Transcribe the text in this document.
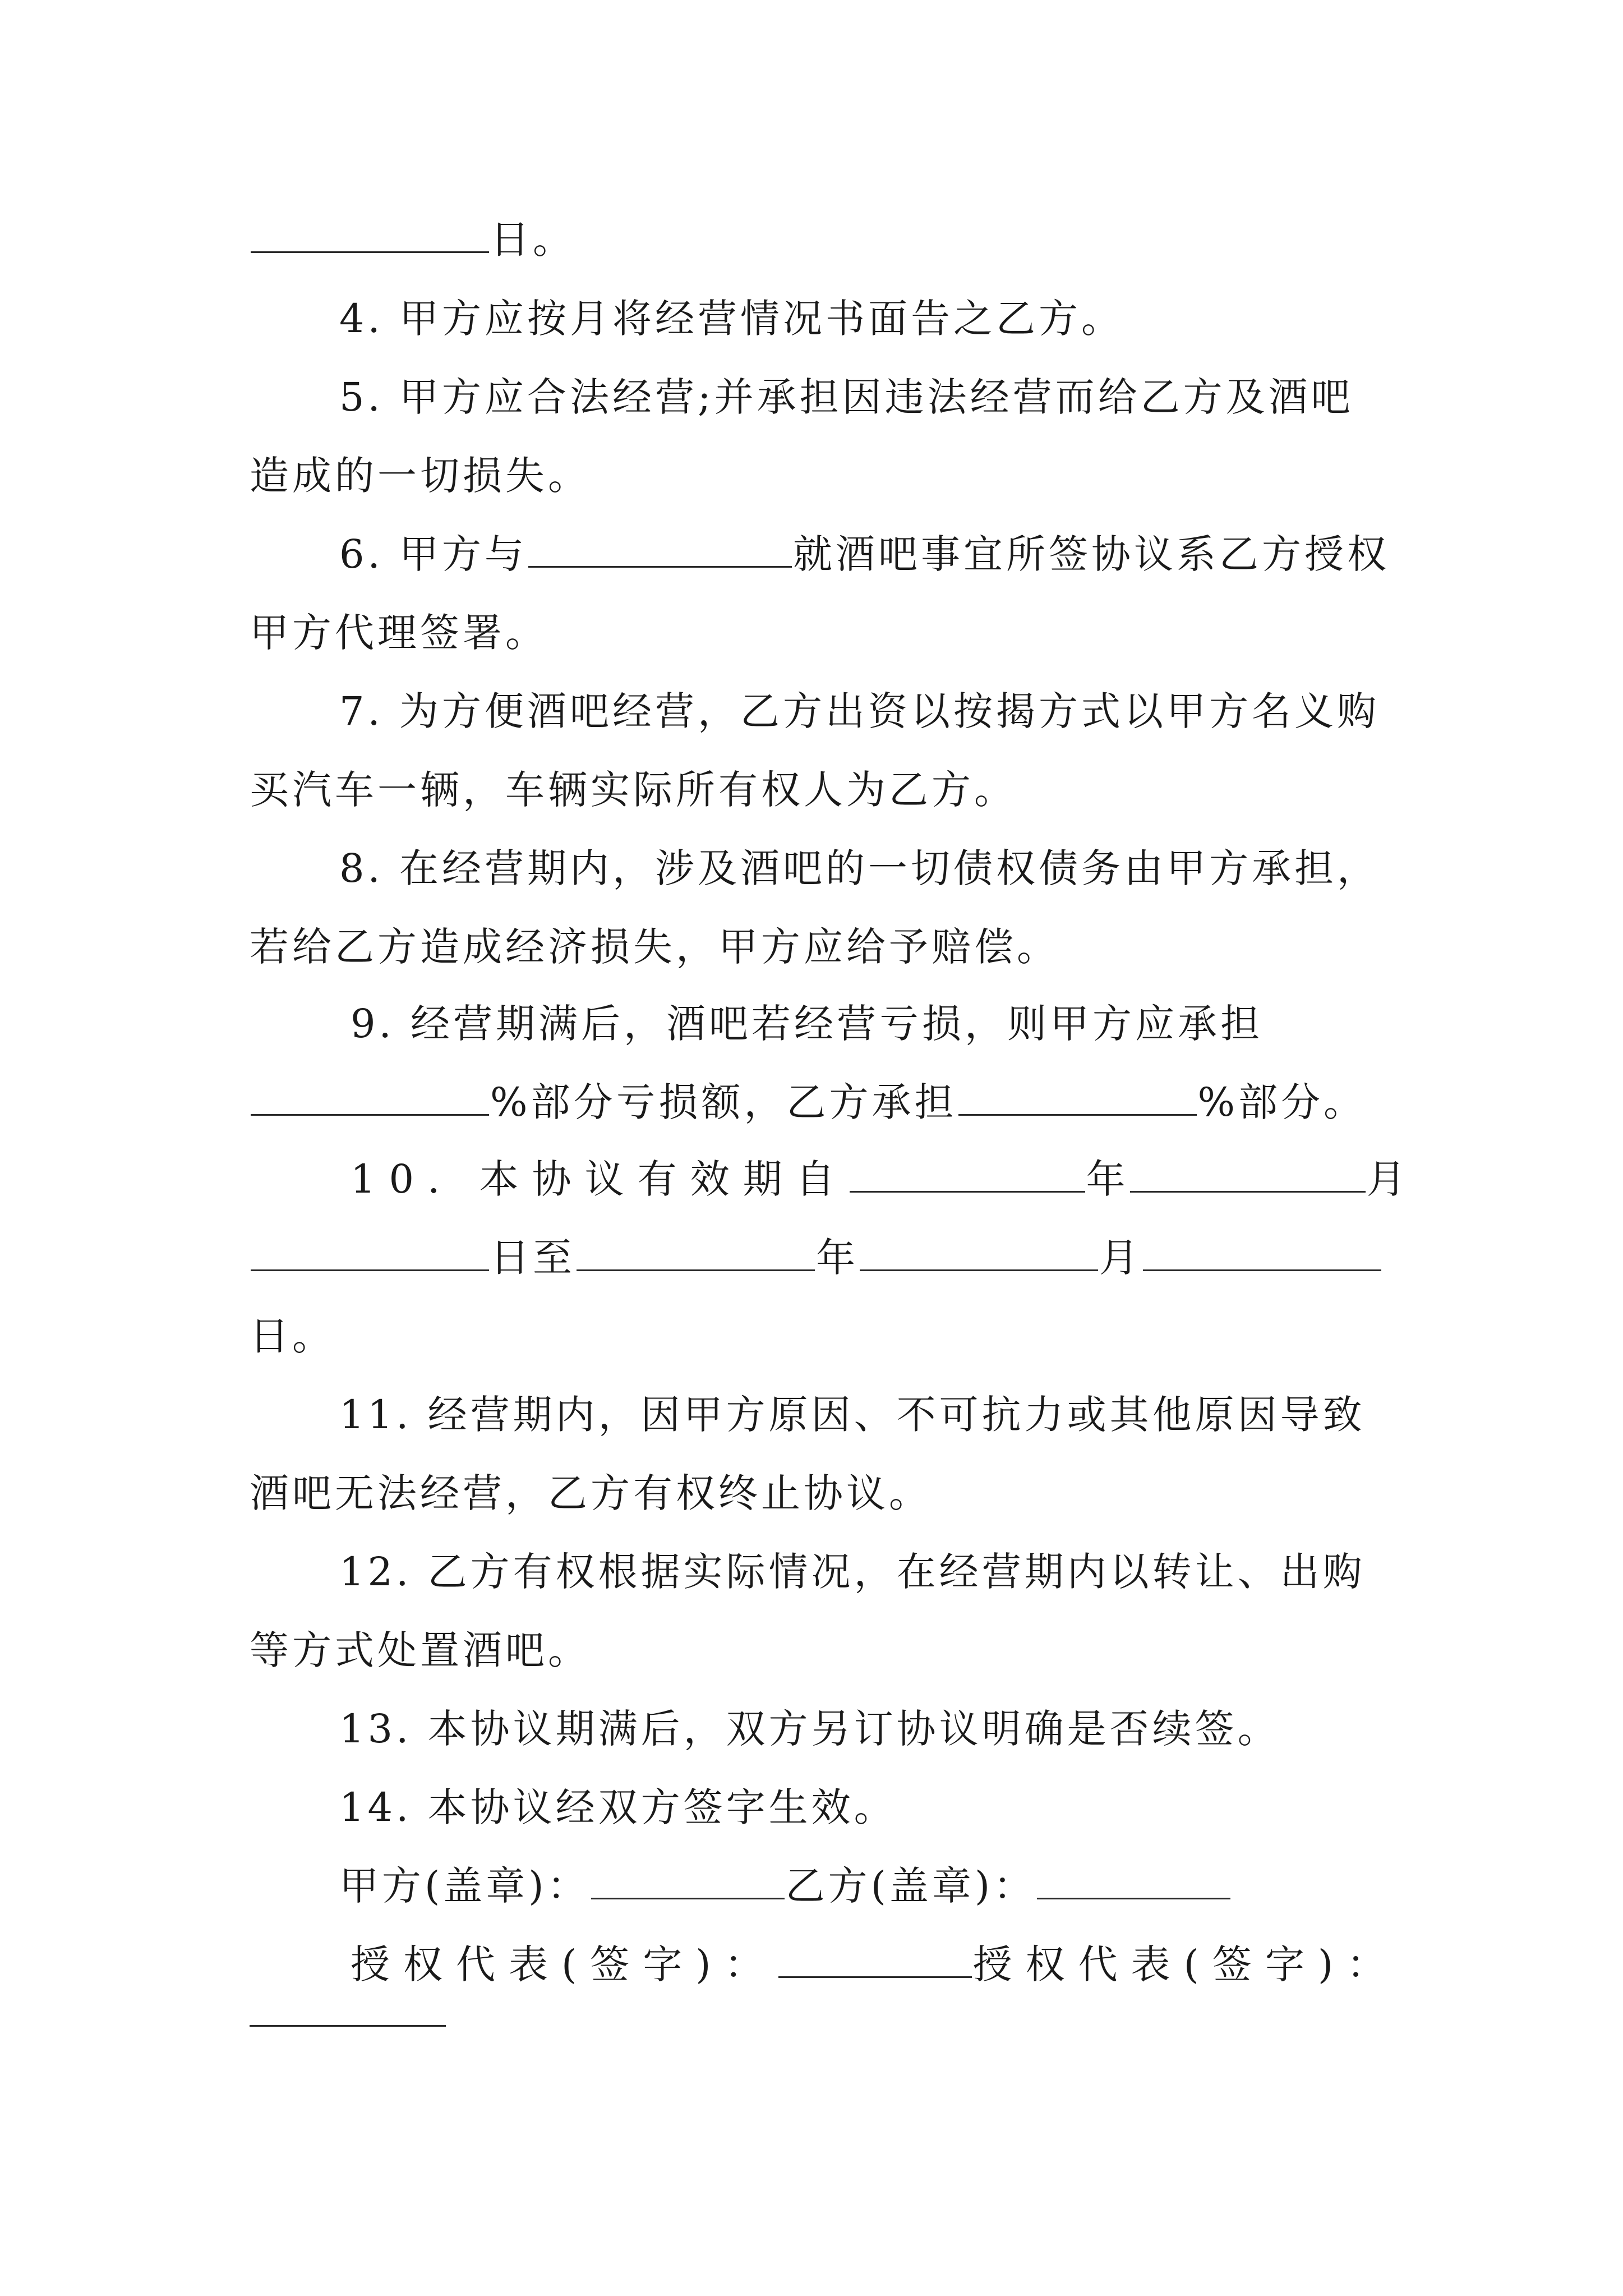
日。
4. 甲方应按月将经营情况书面告之乙方。
5. 甲方应合法经营;并承担因违法经营而给乙方及酒吧
造成的一切损失。
6. 甲方与	就酒吧事宜所签协议系乙方授权
甲方代理签署。
7. 为方便酒吧经营，乙方出资以按揭方式以甲方名义购
买汽车一辆，车辆实际所有权人为乙方。
8. 在经营期内，涉及酒吧的一切债权债务由甲方承担，
若给乙方造成经济损失，甲方应给予赔偿。
9. 经营期满后，酒吧若经营亏损，则甲方应承担
%部分亏损额，乙方承担	%部分。
10. 本协议有效期自	年	月
日至	年	月
日。
11. 经营期内，因甲方原因、不可抗力或其他原因导致
酒吧无法经营，乙方有权终止协议。
12. 乙方有权根据实际情况，在经营期内以转让、出购
等方式处置酒吧。
13. 本协议期满后，双方另订协议明确是否续签。
14. 本协议经双方签字生效。
甲方(盖章)：	乙方(盖章)：
授权代表(签字)：	授权代表(签字)：
